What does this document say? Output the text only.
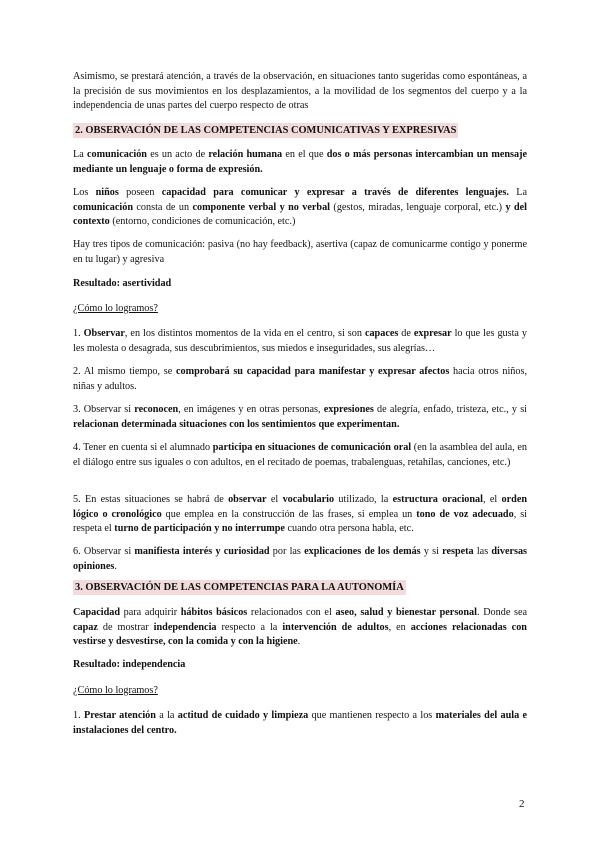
Asimismo, se prestará atención, a través de la observación, en situaciones tanto sugeridas como espontáneas, a la precisión de sus movimientos en los desplazamientos, a la movilidad de los segmentos del cuerpo y a la independencia de unas partes del cuerpo respecto de otras

2. OBSERVACIÓN DE LAS COMPETENCIAS COMUNICATIVAS Y EXPRESIVAS

La comunicación es un acto de relación humana en el que dos o más personas intercambian un mensaje mediante un lenguaje o forma de expresión.

Los niños poseen capacidad para comunicar y expresar a través de diferentes lenguajes. La comunicación consta de un componente verbal y no verbal (gestos, miradas, lenguaje corporal, etc.) y del contexto (entorno, condiciones de comunicación, etc.)

Hay tres tipos de comunicación: pasiva (no hay feedback), asertiva (capaz de comunicarme contigo y ponerme en tu lugar) y agresiva

Resultado: asertividad

¿Cómo lo logramos?

1. Observar, en los distintos momentos de la vida en el centro, si son capaces de expresar lo que les gusta y les molesta o desagrada, sus descubrimientos, sus miedos e inseguridades, sus alegrías…

2. Al mismo tiempo, se comprobará su capacidad para manifestar y expresar afectos hacia otros niños, niñas y adultos.

3. Observar si reconocen, en imágenes y en otras personas, expresiones de alegría, enfado, tristeza, etc., y si relacionan determinada situaciones con los sentimientos que experimentan.

4. Tener en cuenta si el alumnado participa en situaciones de comunicación oral (en la asamblea del aula, en el diálogo entre sus iguales o con adultos, en el recitado de poemas, trabalenguas, retahílas, canciones, etc.)

5. En estas situaciones se habrá de observar el vocabulario utilizado, la estructura oracional, el orden lógico o cronológico que emplea en la construcción de las frases, si emplea un tono de voz adecuado, si respeta el turno de participación y no interrumpe cuando otra persona habla, etc.

6. Observar si manifiesta interés y curiosidad por las explicaciones de los demás y si respeta las diversas opiniones.

3. OBSERVACIÓN DE LAS COMPETENCIAS PARA LA AUTONOMÍA

Capacidad para adquirir hábitos básicos relacionados con el aseo, salud y bienestar personal. Donde sea capaz de mostrar independencia respecto a la intervención de adultos, en acciones relacionadas con vestirse y desvestirse, con la comida y con la higiene.

Resultado: independencia

¿Cómo lo logramos?

1. Prestar atención a la actitud de cuidado y limpieza que mantienen respecto a los materiales del aula e instalaciones del centro.

2
